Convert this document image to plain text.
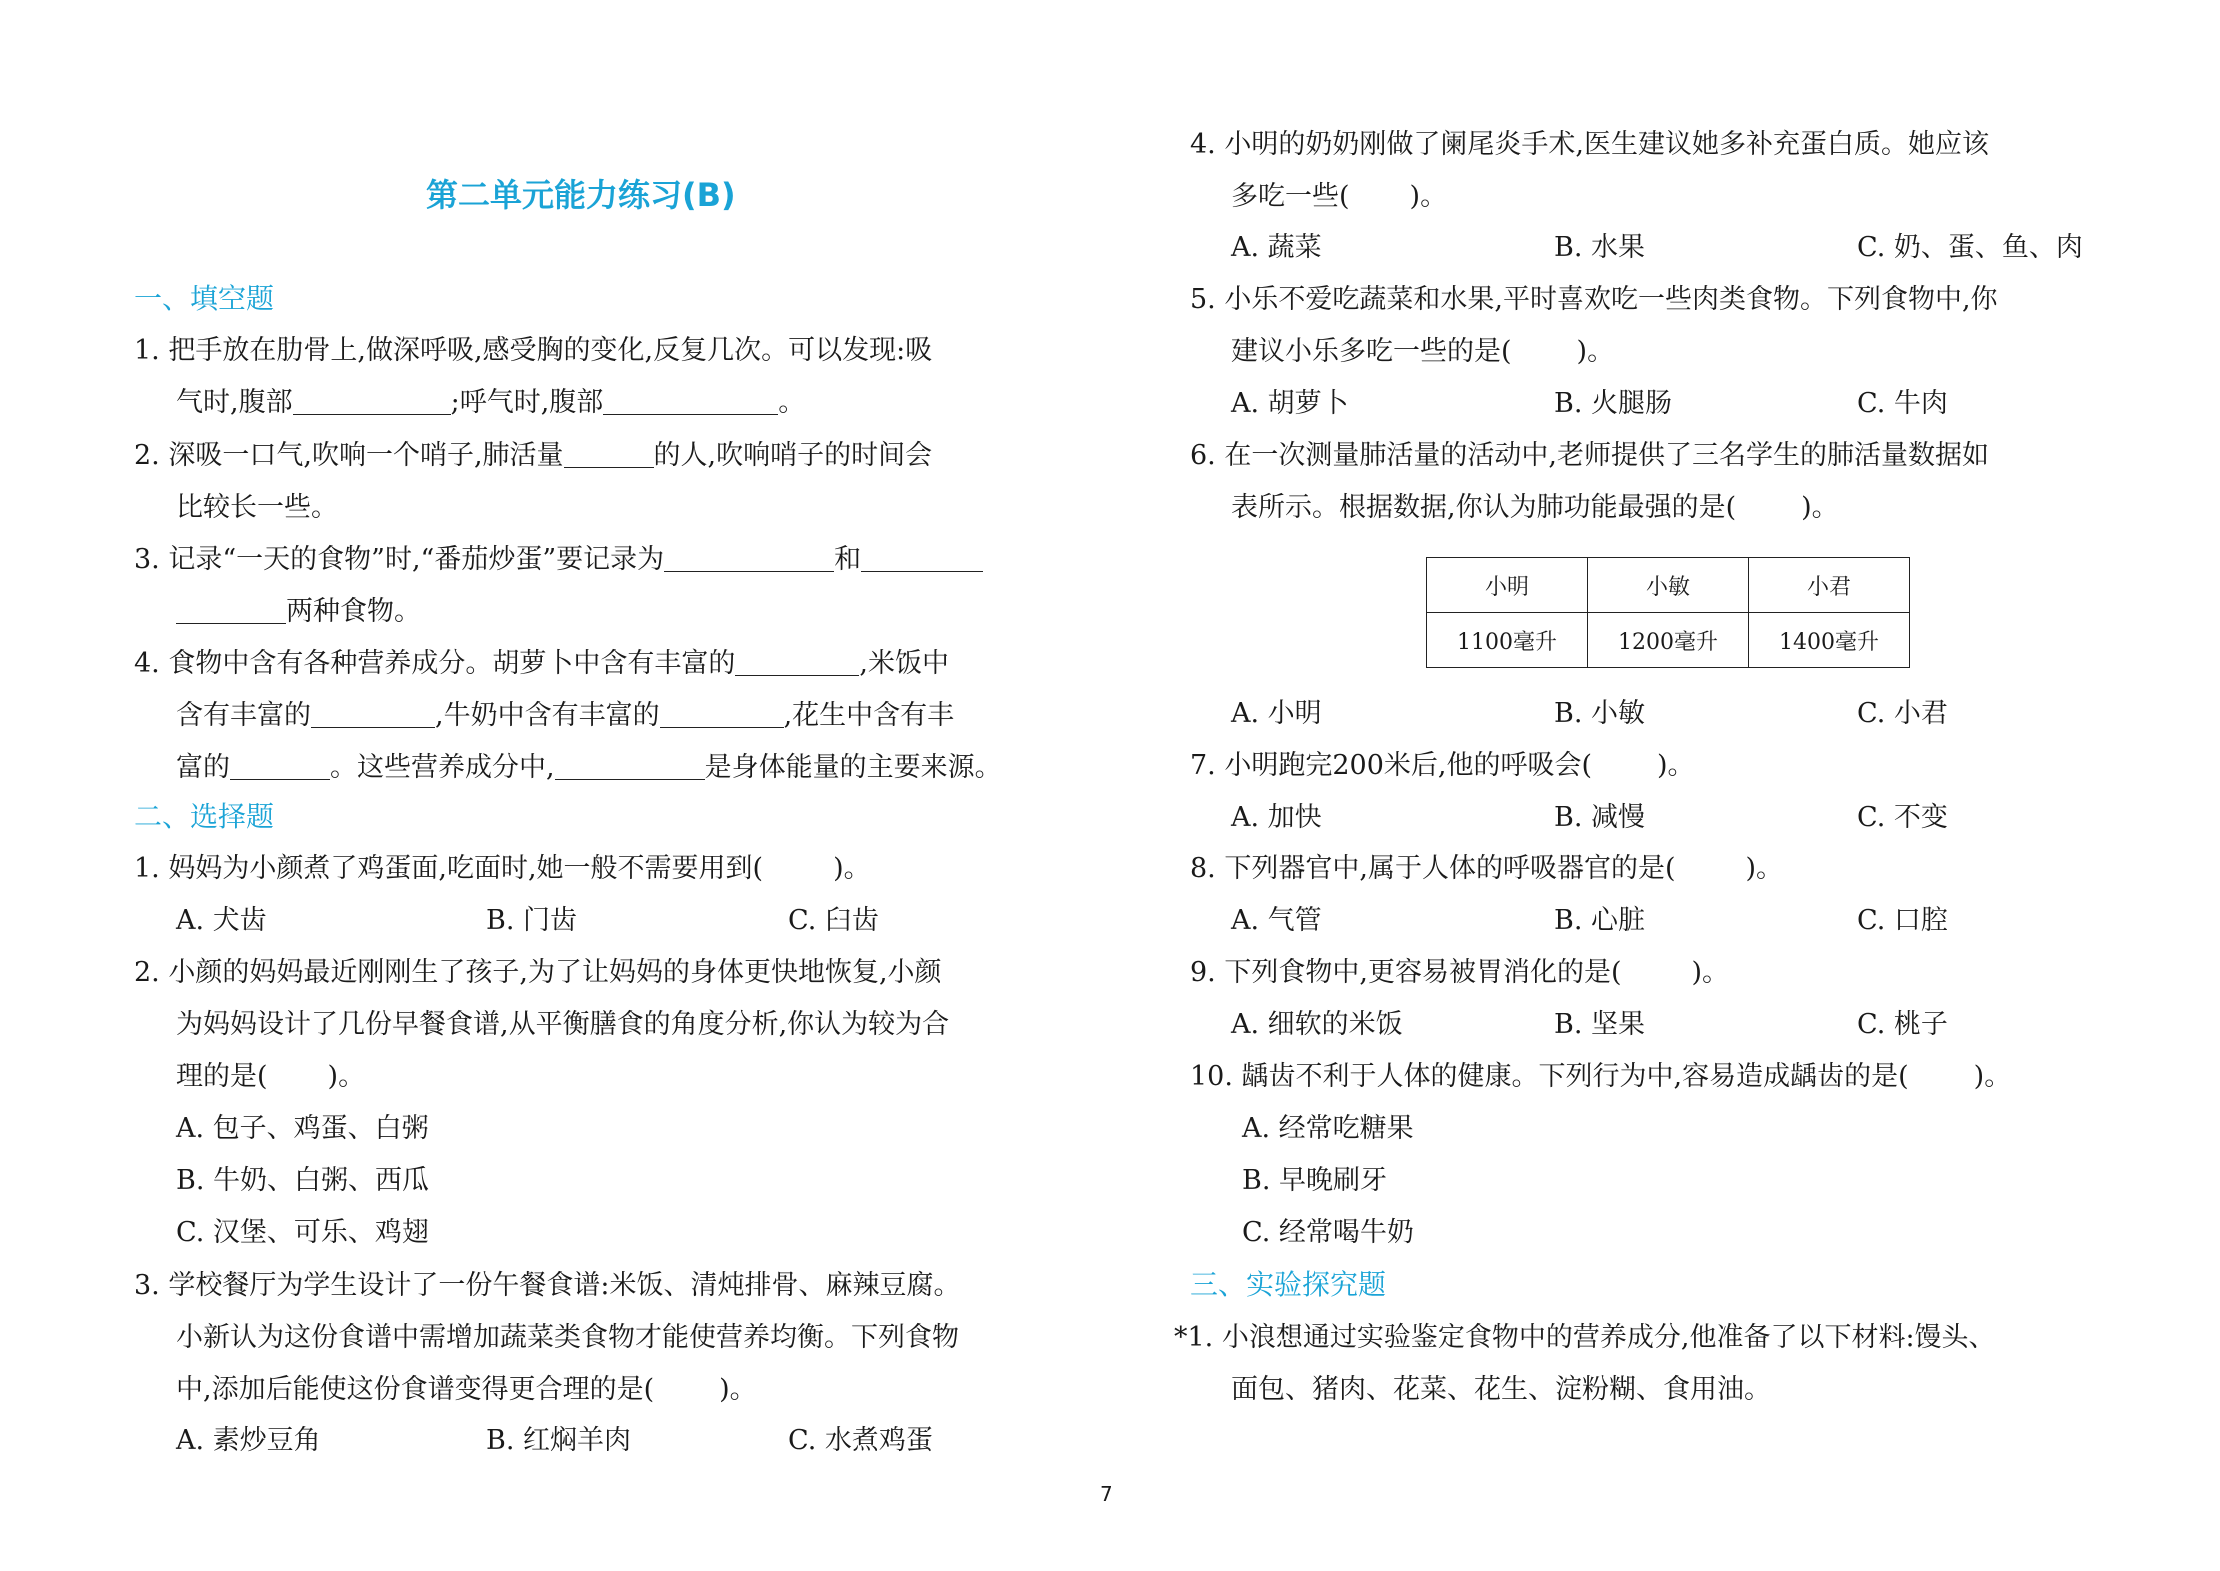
第二单元能力练习(B)
一、填空题
1. 把手放在肋骨上,做深呼吸,感受胸的变化,反复几次。可以发现:吸
气时,腹部	;呼气时,腹部	。
2. 深吸一口气,吹响一个哨子,肺活量	的人,吹响哨子的时间会
比较长一些。
3. 记录“一天的食物”时,“番茄炒蛋”要记录为	和
两种食物。
4. 食物中含有各种营养成分。胡萝卜中含有丰富的	,米饭中
含有丰富的	,牛奶中含有丰富的	,花生中含有丰
富的	。这些营养成分中,	是身体能量的主要来源。
二、选择题
1. 妈妈为小颜煮了鸡蛋面,吃面时,她一般不需要用到(	)。
A. 犬齿	B. 门齿	C. 臼齿
2. 小颜的妈妈最近刚刚生了孩子,为了让妈妈的身体更快地恢复,小颜
为妈妈设计了几份早餐食谱,从平衡膳食的角度分析,你认为较为合
理的是( )。
A. 包子、鸡蛋、白粥
B. 牛奶、白粥、西瓜
C. 汉堡、可乐、鸡翅
3. 学校餐厅为学生设计了一份午餐食谱:米饭、清炖排骨、麻辣豆腐。
小新认为这份食谱中需增加蔬菜类食物才能使营养均衡。下列食物
中,添加后能使这份食谱变得更合理的是( )。
A. 素炒豆角	B. 红焖羊肉	C. 水煮鸡蛋
4. 小明的奶奶刚做了阑尾炎手术,医生建议她多补充蛋白质。她应该
多吃一些( )。
A. 蔬菜	B. 水果	C. 奶、蛋、鱼、肉
5. 小乐不爱吃蔬菜和水果,平时喜欢吃一些肉类食物。下列食物中,你
建议小乐多吃一些的是( )。
A. 胡萝卜	B. 火腿肠	C. 牛肉
6. 在一次测量肺活量的活动中,老师提供了三名学生的肺活量数据如
表所示。根据数据,你认为肺功能最强的是( )。
小明	小敏	小君
1100毫升	1200毫升	1400毫升
A. 小明	B. 小敏	C. 小君
7. 小明跑完200米后,他的呼吸会( )。
A. 加快	B. 减慢	C. 不变
8. 下列器官中,属于人体的呼吸器官的是(	)。
A. 气管	B. 心脏	C. 口腔
9. 下列食物中,更容易被胃消化的是(	)。
A. 细软的米饭	B. 坚果	C. 桃子
10. 龋齿不利于人体的健康。下列行为中,容易造成龋齿的是( )。
A. 经常吃糖果
B. 早晚刷牙
C. 经常喝牛奶
三、实验探究题
*1. 小浪想通过实验鉴定食物中的营养成分,他准备了以下材料:馒头、
面包、猪肉、花菜、花生、淀粉糊、食用油。
7
